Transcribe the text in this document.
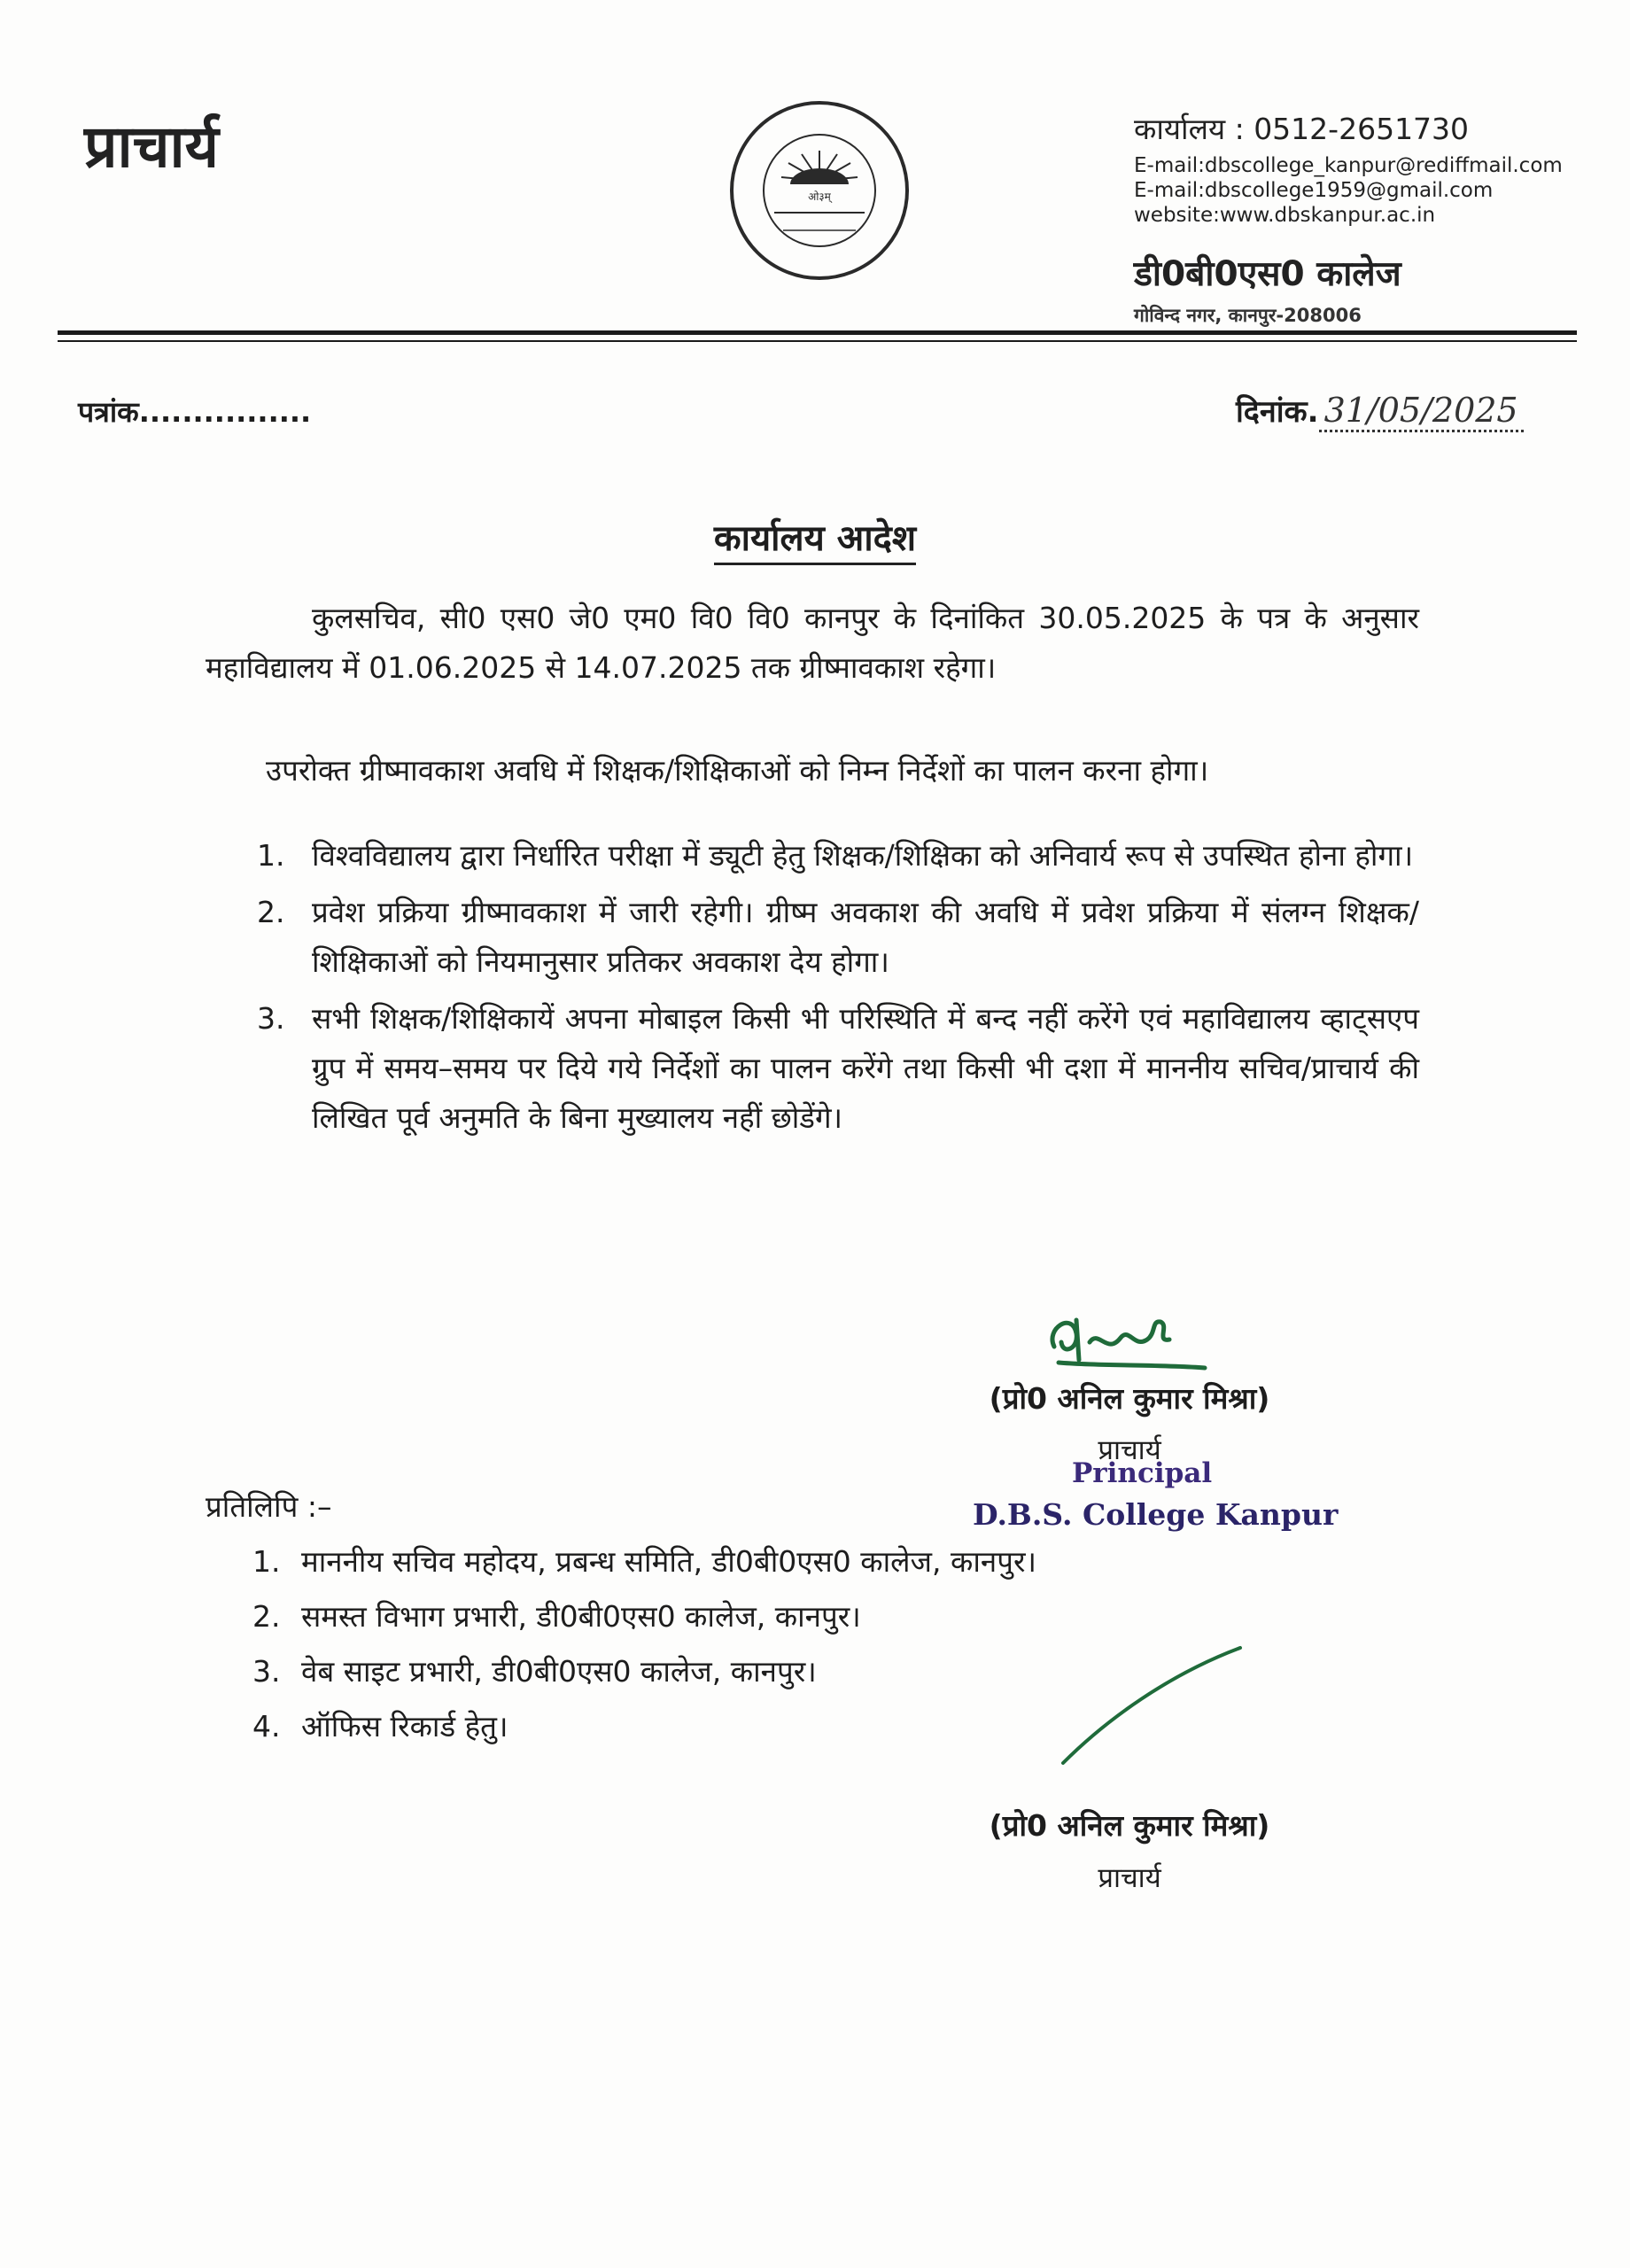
प्राचार्य
ओ३म्
कार्यालय : 0512-2651730
E-mail:dbscollege_kanpur@rediffmail.com
E-mail:dbscollege1959@gmail.com
website:www.dbskanpur.ac.in
डी0बी0एस0 कालेज
गोविन्द नगर, कानपुर-208006
पत्रांक................	दिनांक. 31/05/2025
कार्यालय आदेश
कुलसचिव, सी0 एस0 जे0 एम0 वि0 वि0 कानपुर के दिनांकित 30.05.2025 के पत्र के अनुसार महाविद्यालय में 01.06.2025 से 14.07.2025 तक ग्रीष्मावकाश रहेगा।
उपरोक्त ग्रीष्मावकाश अवधि में शिक्षक/शिक्षिकाओं को निम्न निर्देशों का पालन करना होगा।
1. विश्वविद्यालय द्वारा निर्धारित परीक्षा में ड्यूटी हेतु शिक्षक/शिक्षिका को अनिवार्य रूप से उपस्थित होना होगा।
2. प्रवेश प्रक्रिया ग्रीष्मावकाश में जारी रहेगी। ग्रीष्म अवकाश की अवधि में प्रवेश प्रक्रिया में संलग्न शिक्षक/शिक्षिकाओं को नियमानुसार प्रतिकर अवकाश देय होगा।
3. सभी शिक्षक/शिक्षिकायें अपना मोबाइल किसी भी परिस्थिति में बन्द नहीं करेंगे एवं महाविद्यालय व्हाट्सएप ग्रुप में समय–समय पर दिये गये निर्देशों का पालन करेंगे तथा किसी भी दशा में माननीय सचिव/प्राचार्य की लिखित पूर्व अनुमति के बिना मुख्यालय नहीं छोडेंगे।
(प्रो0 अनिल कुमार मिश्रा)
प्राचार्य
Principal
D.B.S. College Kanpur
प्रतिलिपि :–
1. माननीय सचिव महोदय, प्रबन्ध समिति, डी0बी0एस0 कालेज, कानपुर।
2. समस्त विभाग प्रभारी, डी0बी0एस0 कालेज, कानपुर।
3. वेब साइट प्रभारी, डी0बी0एस0 कालेज, कानपुर।
4. ऑफिस रिकार्ड हेतु।
(प्रो0 अनिल कुमार मिश्रा)
प्राचार्य
